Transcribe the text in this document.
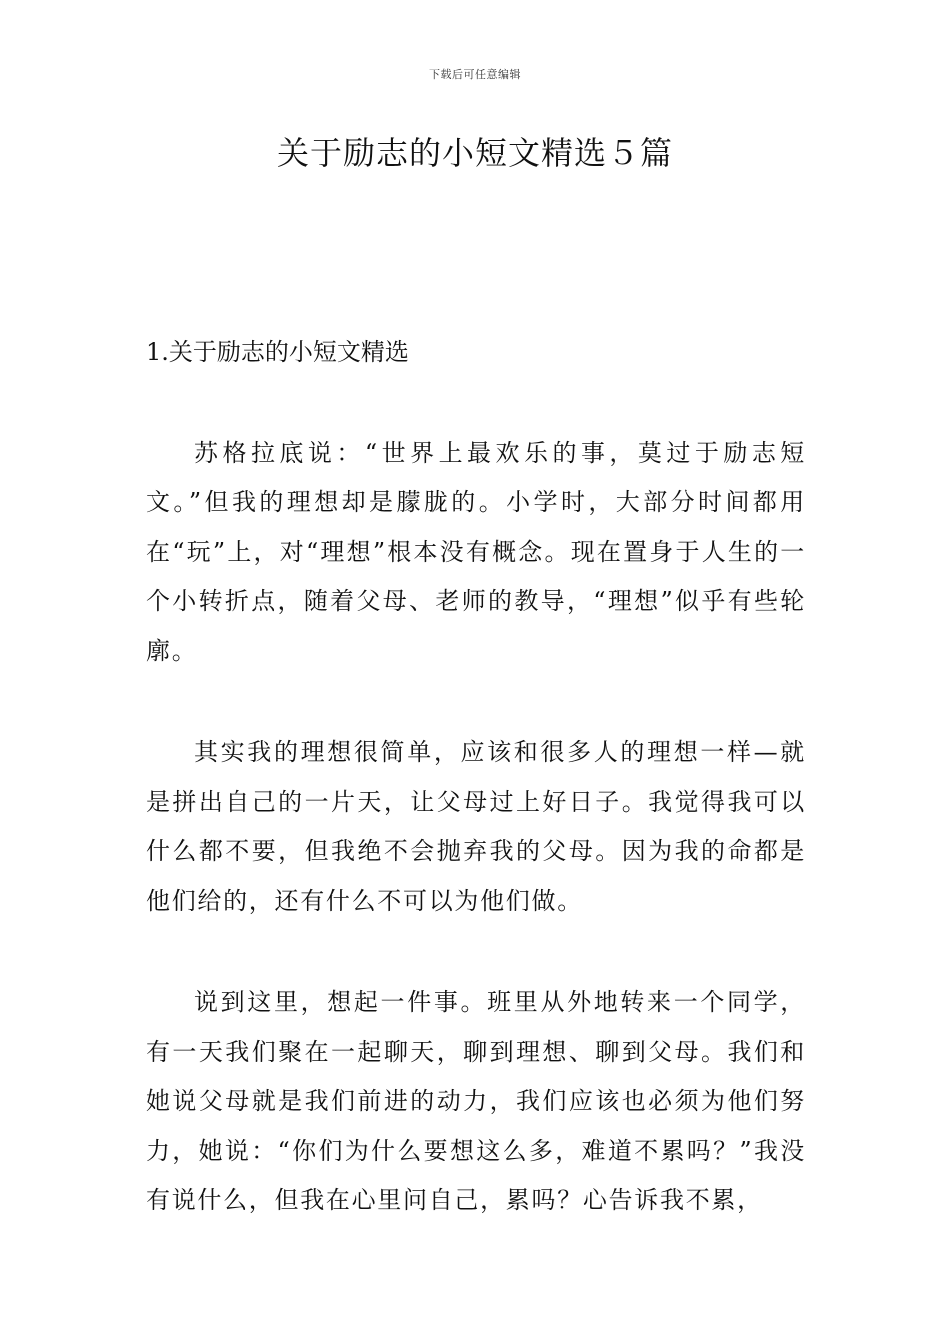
下载后可任意编辑
关于励志的小短文精选５篇
1.关于励志的小短文精选

苏格拉底说：“世界上最欢乐的事，莫过于励志短文。”但我的理想却是朦胧的。小学时，大部分时间都用在“玩”上，对“理想”根本没有概念。现在置身于人生的一个小转折点，随着父母、老师的教导，“理想”似乎有些轮廓。

其实我的理想很简单，应该和很多人的理想一样—就是拼出自己的一片天，让父母过上好日子。我觉得我可以什么都不要，但我绝不会抛弃我的父母。因为我的命都是他们给的，还有什么不可以为他们做。

说到这里，想起一件事。班里从外地转来一个同学，有一天我们聚在一起聊天，聊到理想、聊到父母。我们和她说父母就是我们前进的动力，我们应该也必须为他们努力，她说：“你们为什么要想这么多，难道不累吗？”我没有说什么，但我在心里问自己，累吗？心告诉我不累，
